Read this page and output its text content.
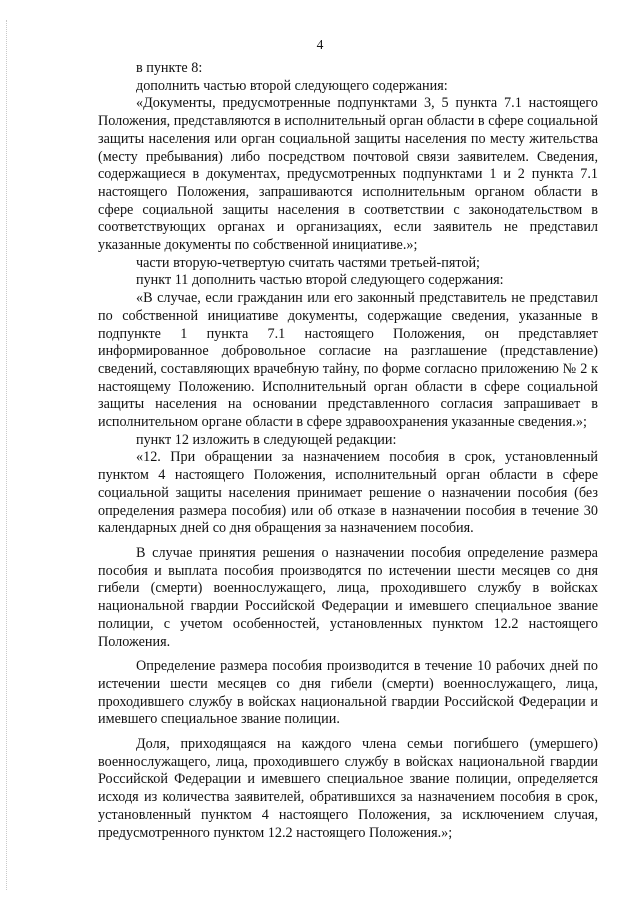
4

в пункте 8:

дополнить частью второй следующего содержания:

«Документы, предусмотренные подпунктами 3, 5 пункта 7.1 настоящего Положения, представляются в исполнительный орган области в сфере социальной защиты населения или орган социальной защиты населения по месту жительства (месту пребывания) либо посредством почтовой связи заявителем. Сведения, содержащиеся в документах, предусмотренных подпунктами 1 и 2 пункта 7.1 настоящего Положения, запрашиваются исполнительным органом области в сфере социальной защиты населения в соответствии с законодательством в соответствующих органах и организациях, если заявитель не представил указанные документы по собственной инициативе.»;

части вторую-четвертую считать частями третьей-пятой;

пункт 11 дополнить частью второй следующего содержания:

«В случае, если гражданин или его законный представитель не представил по собственной инициативе документы, содержащие сведения, указанные в подпункте 1 пункта 7.1 настоящего Положения, он представляет информированное добровольное согласие на разглашение (представление) сведений, составляющих врачебную тайну, по форме согласно приложению № 2 к настоящему Положению. Исполнительный орган области в сфере социальной защиты населения на основании представленного согласия запрашивает в исполнительном органе области в сфере здравоохранения указанные сведения.»;

пункт 12 изложить в следующей редакции:

«12. При обращении за назначением пособия в срок, установленный пунктом 4 настоящего Положения, исполнительный орган области в сфере социальной защиты населения принимает решение о назначении пособия (без определения размера пособия) или об отказе в назначении пособия в течение 30 календарных дней со дня обращения за назначением пособия.

В случае принятия решения о назначении пособия определение размера пособия и выплата пособия производятся по истечении шести месяцев со дня гибели (смерти) военнослужащего, лица, проходившего службу в войсках национальной гвардии Российской Федерации и имевшего специальное звание полиции, с учетом особенностей, установленных пунктом 12.2 настоящего Положения.

Определение размера пособия производится в течение 10 рабочих дней по истечении шести месяцев со дня гибели (смерти) военнослужащего, лица, проходившего службу в войсках национальной гвардии Российской Федерации и имевшего специальное звание полиции.

Доля, приходящаяся на каждого члена семьи погибшего (умершего) военнослужащего, лица, проходившего службу в войсках национальной гвардии Российской Федерации и имевшего специальное звание полиции, определяется исходя из количества заявителей, обратившихся за назначением пособия в срок, установленный пунктом 4 настоящего Положения, за исключением случая, предусмотренного пунктом 12.2 настоящего Положения.»;
